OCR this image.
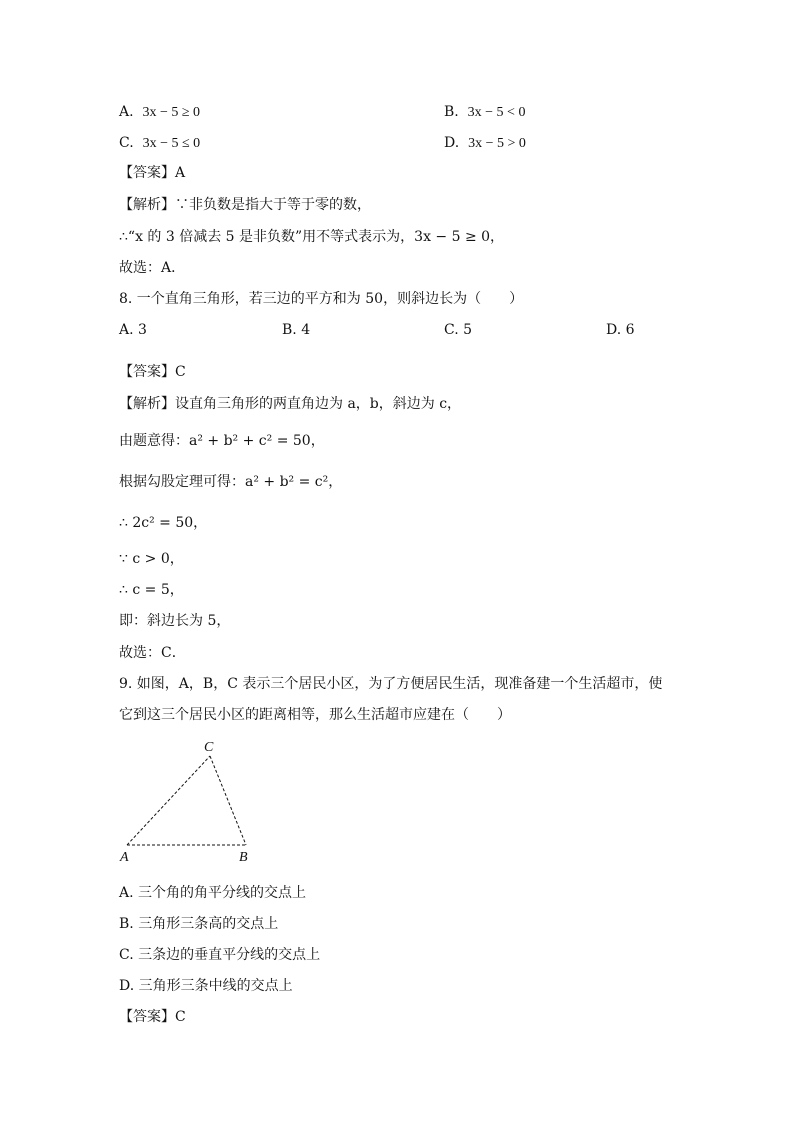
A. 3x − 5 ≥ 0	B. 3x − 5 < 0
C. 3x − 5 ≤ 0	D. 3x − 5 > 0
【答案】A
【解析】∵非负数是指大于等于零的数，
∴“x 的 3 倍减去 5 是非负数”用不等式表示为，3x − 5 ≥ 0，
故选：A．
8. 一个直角三角形，若三边的平方和为 50，则斜边长为（　　）
A. 3	B. 4	C. 5	D. 6
【答案】C
【解析】设直角三角形的两直角边为 a，b，斜边为 c，
由题意得：a² + b² + c² = 50，
根据勾股定理可得：a² + b² = c²，
∴ 2c² = 50，
∵ c > 0，
∴ c = 5，
即：斜边长为 5，
故选：C．
9. 如图，A，B，C 表示三个居民小区，为了方便居民生活，现准备建一个生活超市，使
它到这三个居民小区的距离相等，那么生活超市应建在（　　）
C
A	B
A. 三个角的角平分线的交点上
B. 三角形三条高的交点上
C. 三条边的垂直平分线的交点上
D. 三角形三条中线的交点上
【答案】C
